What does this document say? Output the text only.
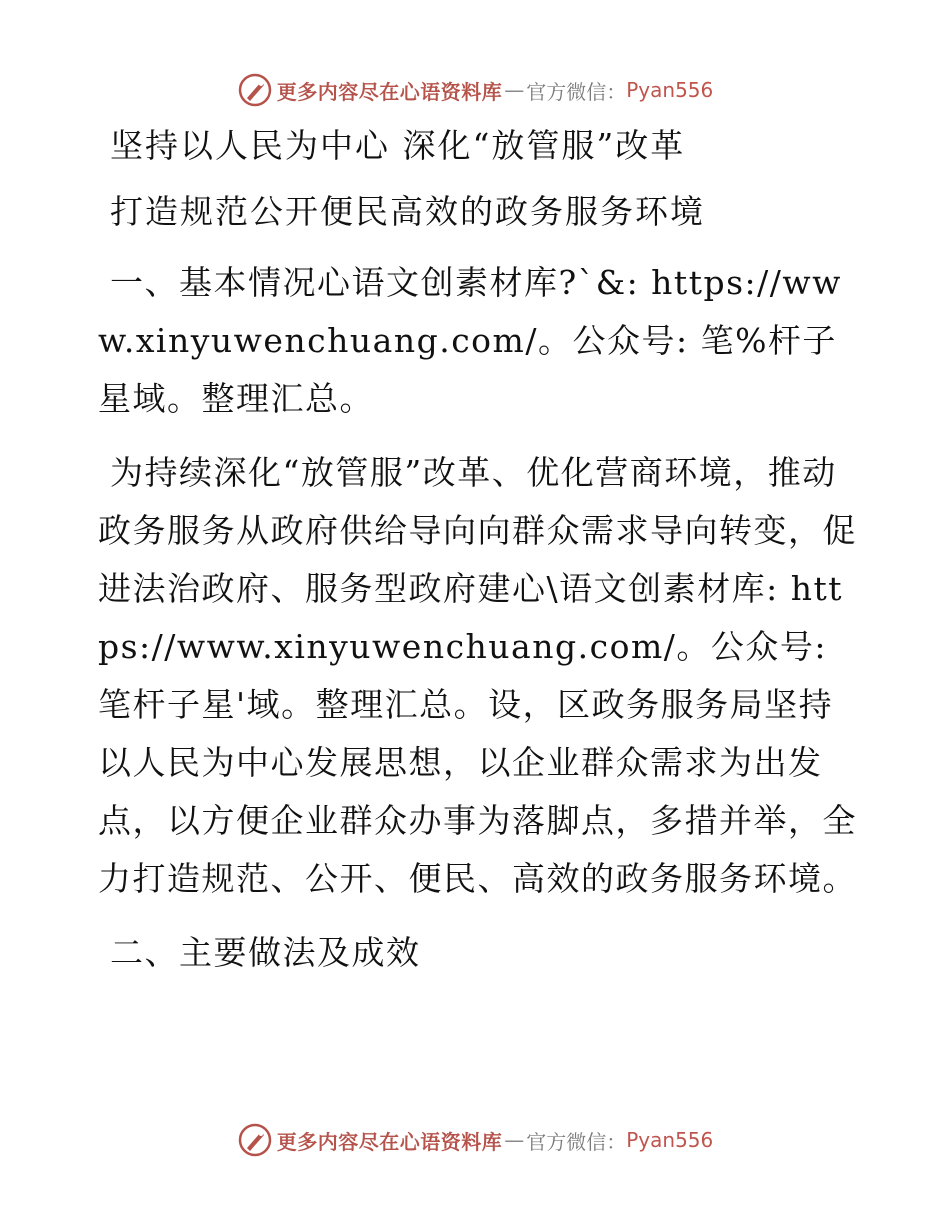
更多内容尽在心语资料库 — 官方微信： Pyan556
坚持以人民为中心 深化“放管服”改革
打造规范公开便民高效的政务服务环境

一、基本情况心语文创素材库?`&: https://www.xinyuwenchuang.com/。公众号: 笔%杆子星域。整理汇总。

为持续深化“放管服”改革、优化营商环境，推动政务服务从政府供给导向向群众需求导向转变，促进法治政府、服务型政府建心\语文创素材库: https://www.xinyuwenchuang.com/。公众号: 笔杆子星'域。整理汇总。设，区政务服务局坚持以人民为中心发展思想，以企业群众需求为出发点，以方便企业群众办事为落脚点，多措并举，全力打造规范、公开、便民、高效的政务服务环境。

二、主要做法及成效

更多内容尽在心语资料库 — 官方微信： Pyan556
